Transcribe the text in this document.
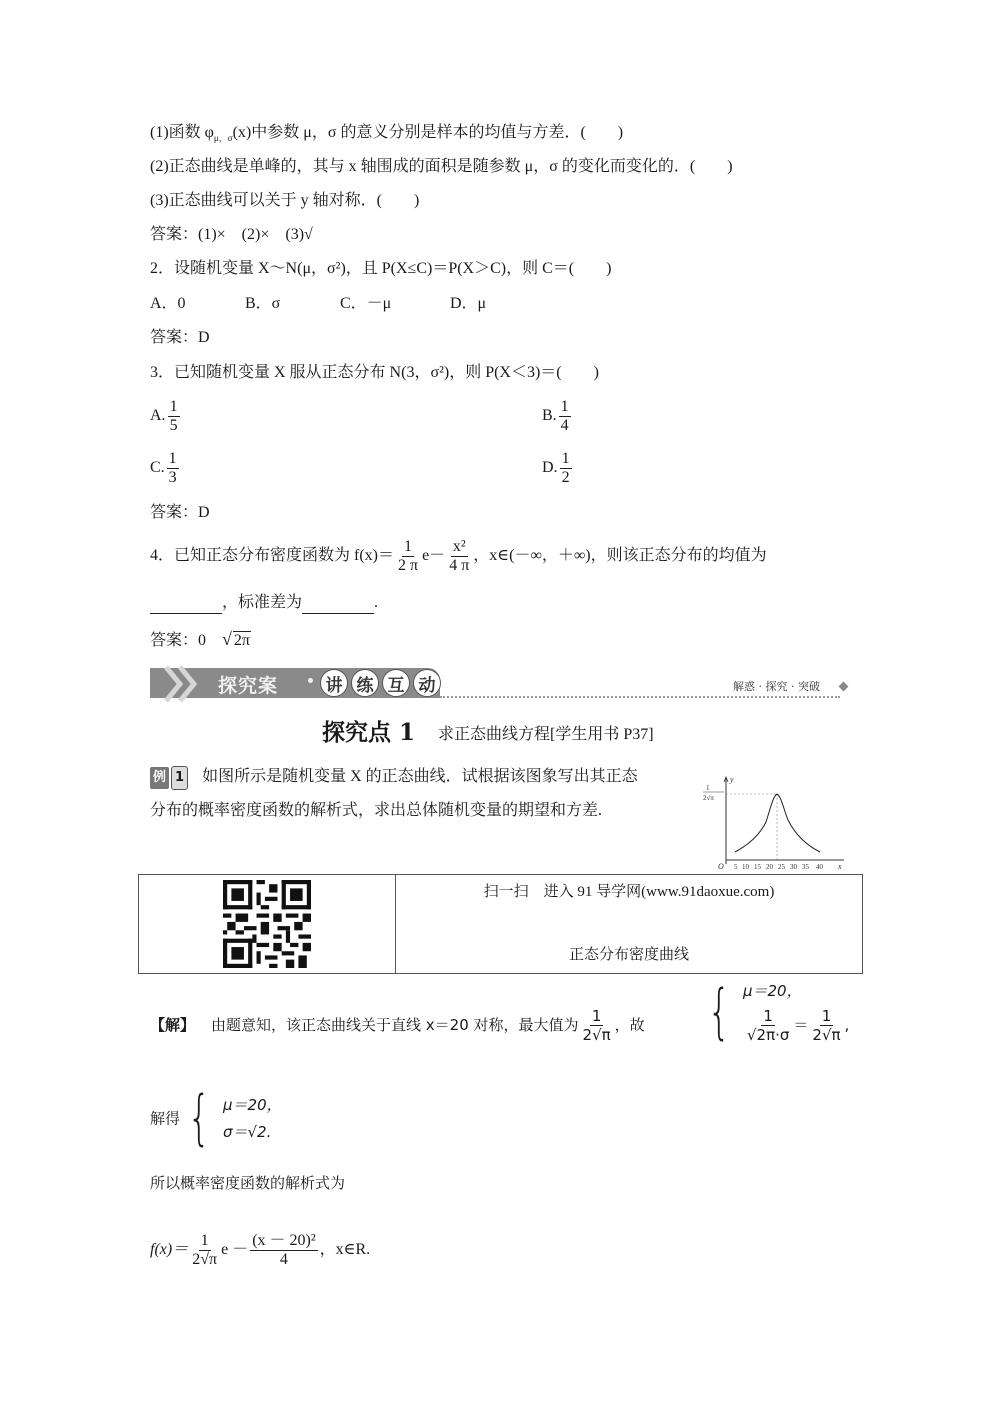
(1)函数 $\varphi_{\mu,\sigma}(x)$中参数 μ，σ 的意义分别是样本的均值与方差．(　　)
(2)正态曲线是单峰的，其与 x 轴围成的面积是随参数 μ，σ 的变化而变化的．(　　)
(3)正态曲线可以关于 y 轴对称．(　　)
答案：(1)×　(2)×　(3)√
2．设随机变量 X～N(μ，σ²)，且 P(X≤C)＝P(X＞C)，则 C＝(　　)
A．0	B．σ	C．－μ	D．μ
答案：D
3．已知随机变量 X 服从正态分布 N(3，σ²)，则 P(X＜3)＝(　　)
A. $\frac{1}{5}$	B. $\frac{1}{4}$
C. $\frac{1}{3}$	D. $\frac{1}{2}$
答案：D
4．已知正态分布密度函数为 $f(x)= \frac{1}{2 \pi} e- \frac{\text{x²}}{4 \pi}$ ，x∈(－∞，＋∞)，则该正态分布的均值为
，标准差为	.
答案：0　√ 2π
探究案	讲 练 互 动	解惑 · 探究 · 突破
探究点 1 求正态曲线方程[学生用书 P37]
例 1 如图所示是随机变量 X 的正态曲线．试根据该图象写出其正态
分布的概率密度函数的解析式，求出总体随机变量的期望和方差.
y
1
2√π
O 5 10 15 20 25 30 35 40 x
扫一扫　进入 91 导学网(www.91daoxue.com)
正态分布密度曲线
【解】 由题意知，该正态曲线关于直线 x＝20 对称，最大值为 $\frac{1}{2√\pi}$ ，故 { μ＝20，
$\frac{1}{√2\pi\cdot\sigma} = \frac{1}{2√\pi}$ ,
解得 { μ＝20，
σ＝√2.
所以概率密度函数的解析式为
$f(x)= \frac{1}{2√\pi}$ $e - \frac{\text{(x － 20)²}}{4}$ ，x∈R.
